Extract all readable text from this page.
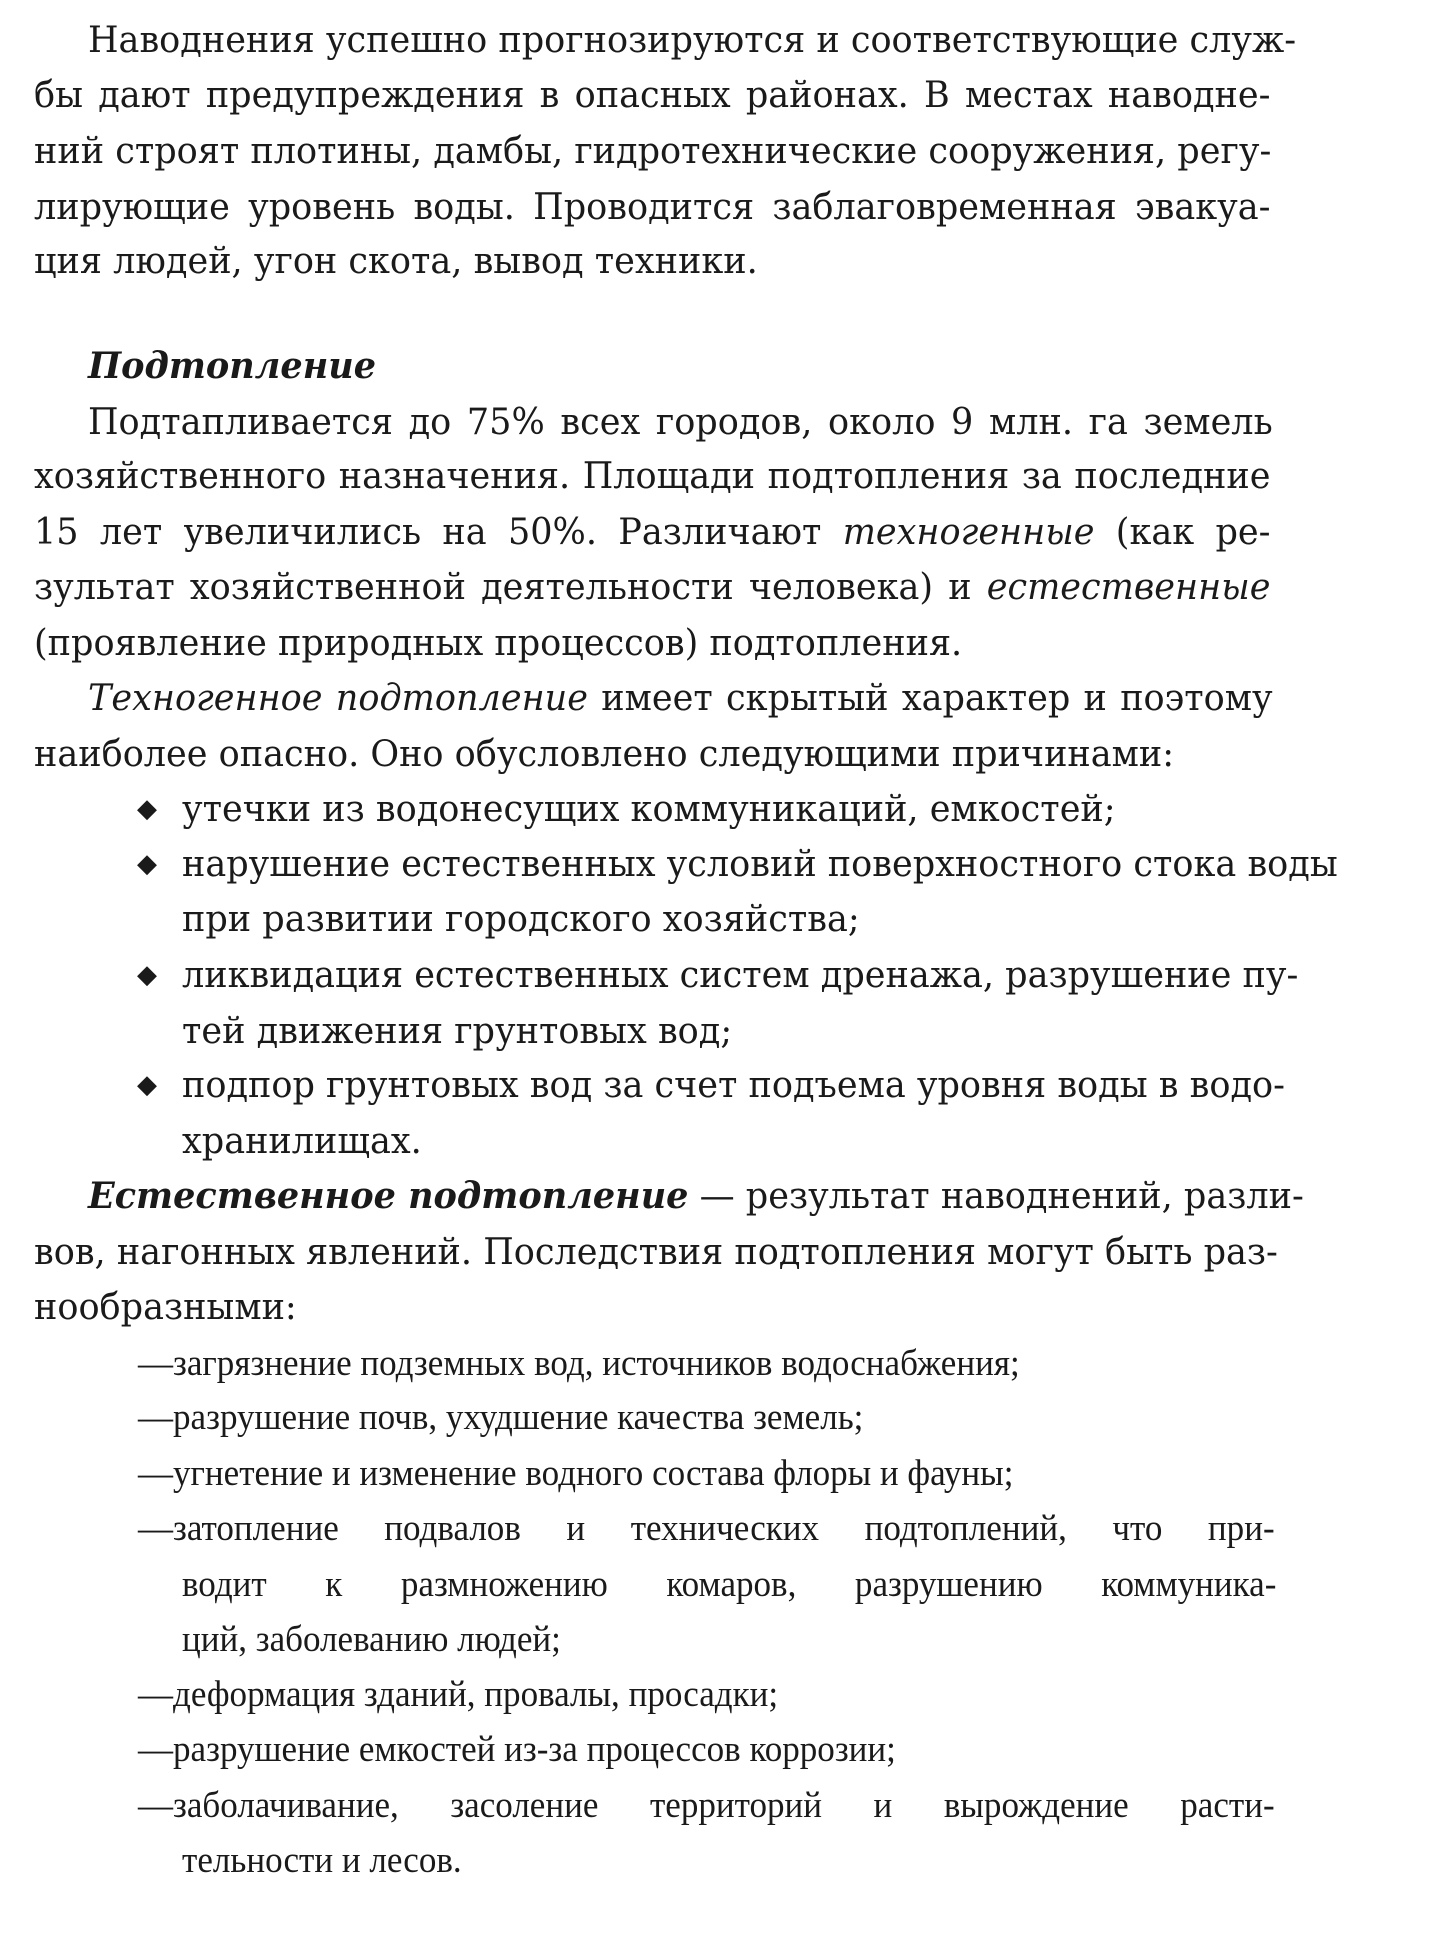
Наводнения успешно прогнозируются и соответствующие служ-
бы дают предупреждения в опасных районах. В местах наводне-
ний строят плотины, дамбы, гидротехнические сооружения, регу-
лирующие уровень воды. Проводится заблаговременная эвакуа-
ция людей, угон скота, вывод техники.
Подтопление
Подтапливается до 75% всех городов, около 9 млн. га земель
хозяйственного назначения. Площади подтопления за последние
15 лет увеличились на 50%. Различают техногенные (как ре-
зультат хозяйственной деятельности человека) и естественные
(проявление природных процессов) подтопления.
Техногенное подтопление имеет скрытый характер и поэтому
наиболее опасно. Оно обусловлено следующими причинами:
◆ утечки из водонесущих коммуникаций, емкостей;
◆ нарушение естественных условий поверхностного стока воды
при развитии городского хозяйства;
◆ ликвидация естественных систем дренажа, разрушение пу-
тей движения грунтовых вод;
◆ подпор грунтовых вод за счет подъема уровня воды в водо-
хранилищах.
Естественное подтопление — результат наводнений, разли-
вов, нагонных явлений. Последствия подтопления могут быть раз-
нообразными:
—загрязнение подземных вод, источников водоснабжения;
—разрушение почв, ухудшение качества земель;
—угнетение и изменение водного состава флоры и фауны;
—затопление подвалов и технических подтоплений, что при-
водит к размножению комаров, разрушению коммуника-
ций, заболеванию людей;
—деформация зданий, провалы, просадки;
—разрушение емкостей из-за процессов коррозии;
—заболачивание, засоление территорий и вырождение расти-
тельности и лесов.
